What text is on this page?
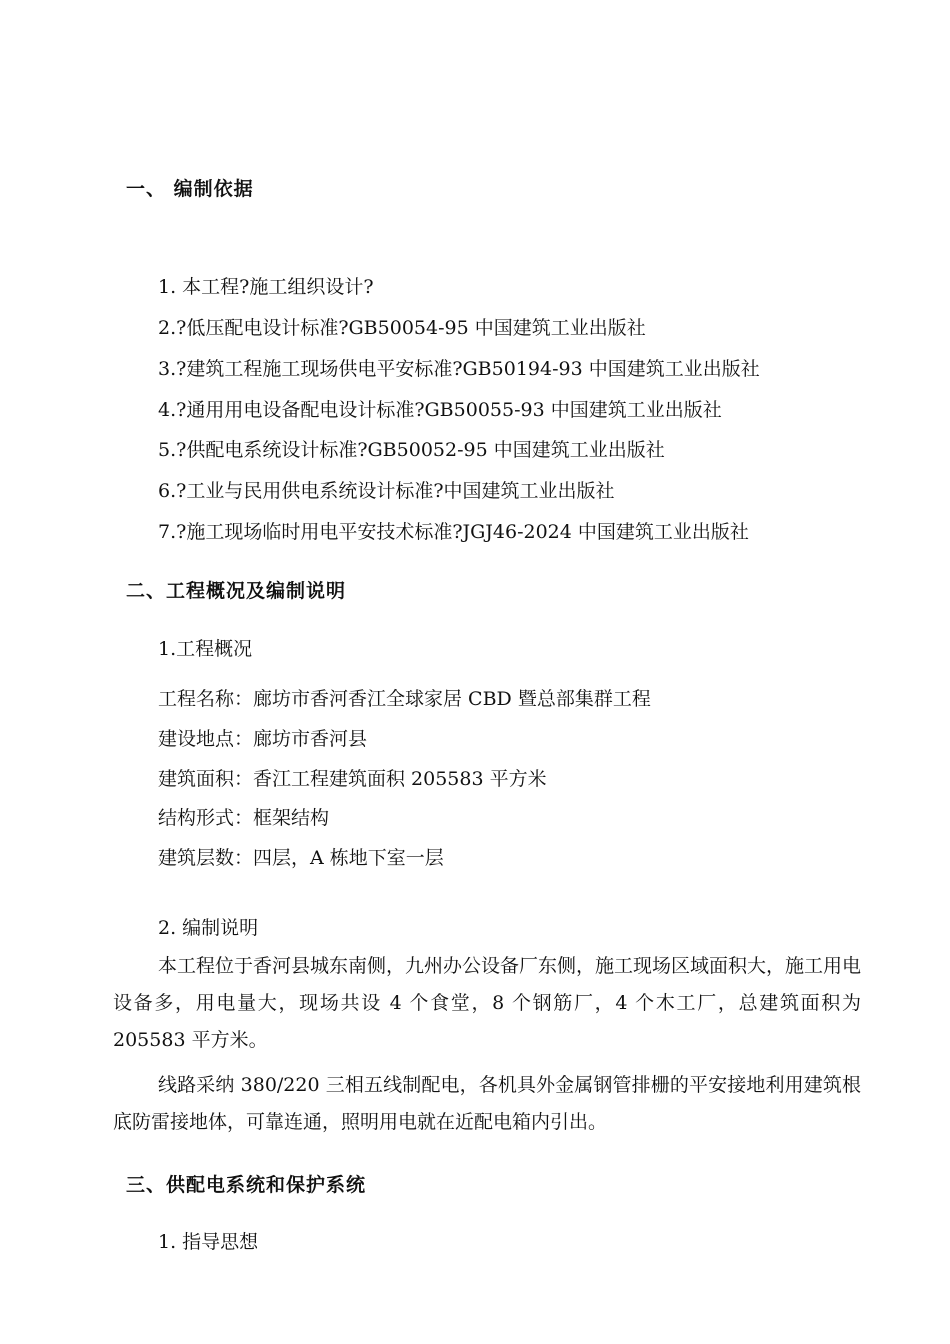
一、 编制依据
1. 本工程?施工组织设计?
2.?低压配电设计标准?GB50054-95 中国建筑工业出版社
3.?建筑工程施工现场供电平安标准?GB50194-93 中国建筑工业出版社
4.?通用用电设备配电设计标准?GB50055-93 中国建筑工业出版社
5.?供配电系统设计标准?GB50052-95 中国建筑工业出版社
6.?工业与民用供电系统设计标准?中国建筑工业出版社
7.?施工现场临时用电平安技术标准?JGJ46-2024 中国建筑工业出版社
二、工程概况及编制说明
1.工程概况
工程名称：廊坊市香河香江全球家居 CBD 暨总部集群工程
建设地点：廊坊市香河县
建筑面积：香江工程建筑面积 205583 平方米
结构形式：框架结构
建筑层数：四层，A 栋地下室一层
2. 编制说明
本工程位于香河县城东南侧，九州办公设备厂东侧，施工现场区域面积大，施工用电设备多，用电量大，现场共设 4 个食堂，8 个钢筋厂，4 个木工厂，总建筑面积为 205583 平方米。
线路采纳 380/220 三相五线制配电，各机具外金属钢管排栅的平安接地利用建筑根底防雷接地体，可靠连通，照明用电就在近配电箱内引出。
三、供配电系统和保护系统
1. 指导思想
